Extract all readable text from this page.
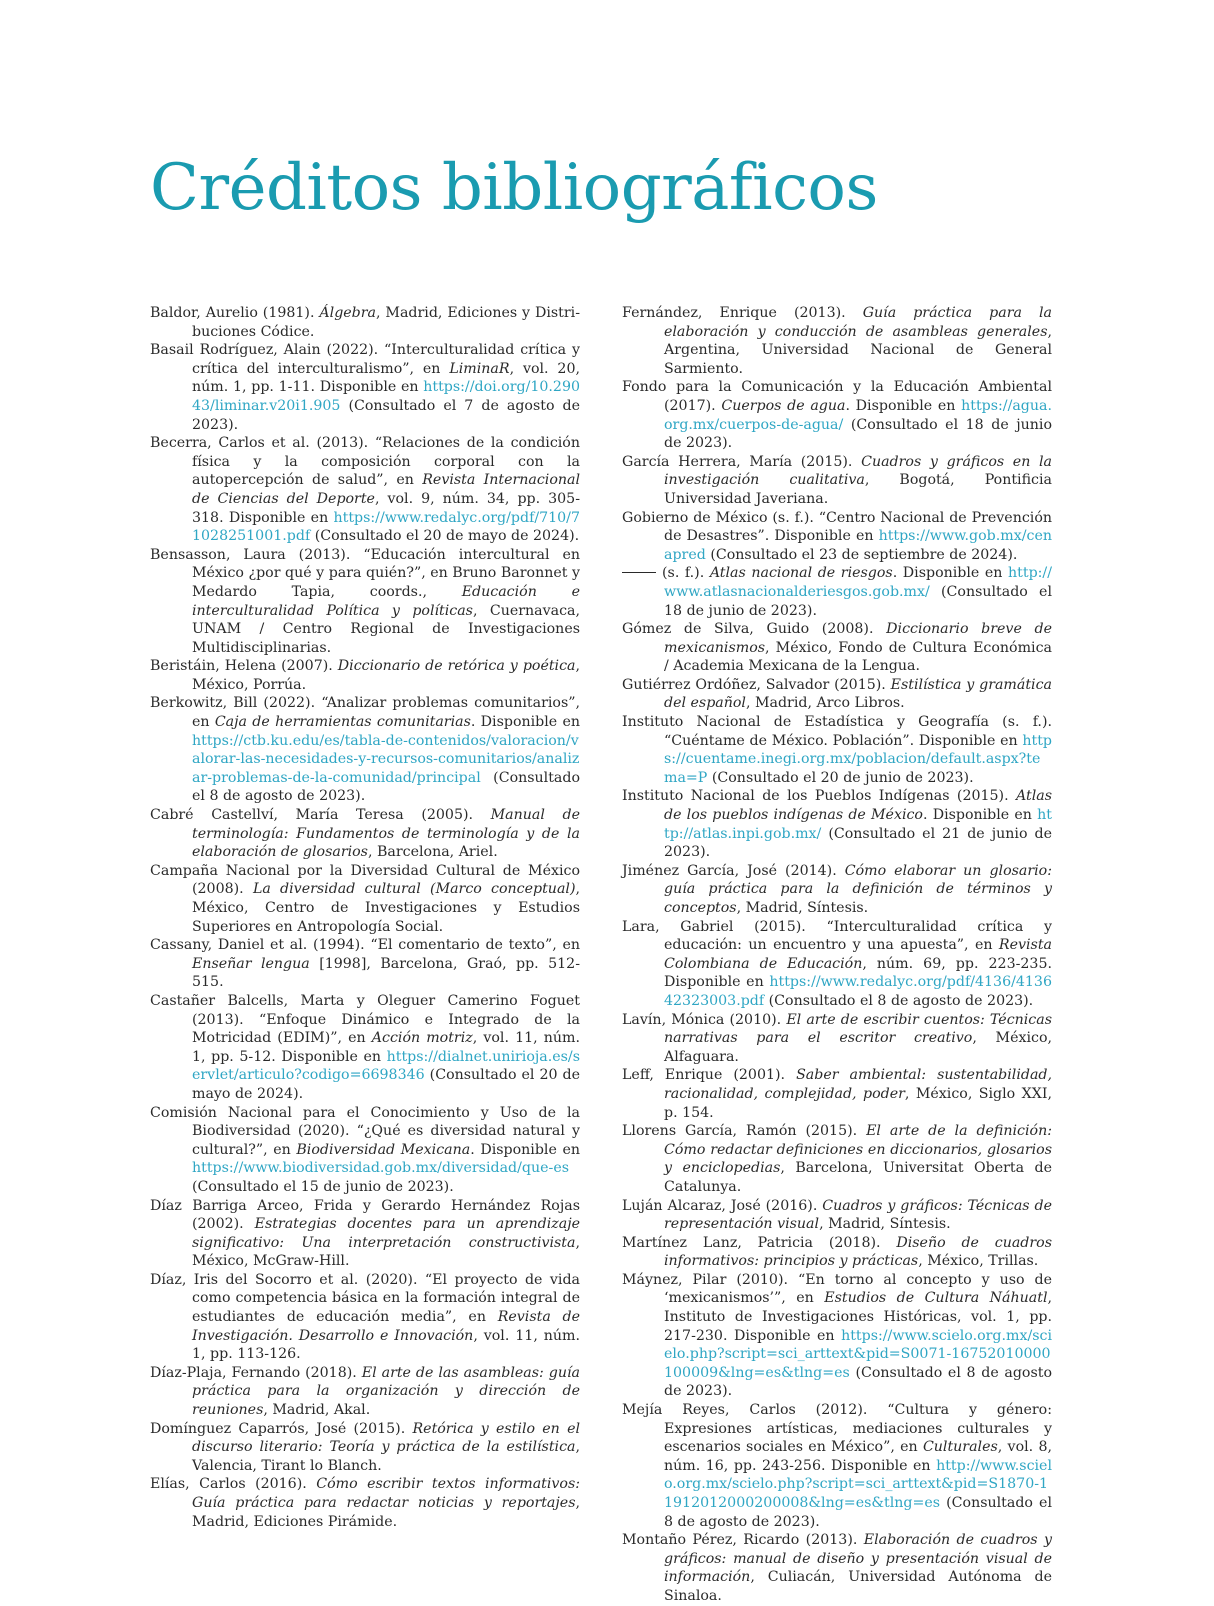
Créditos bibliográficos

Baldor, Aurelio (1981). Álgebra, Madrid, Ediciones y Distribuciones Códice.

Basail Rodríguez, Alain (2022). “Interculturalidad crítica y crítica del interculturalismo”, en LiminaR, vol. 20, núm. 1, pp. 1-11. Disponible en https://doi.org/10.29043/liminar.v20i1.905 (Consultado el 7 de agosto de 2023).

Becerra, Carlos et al. (2013). “Relaciones de la condición física y la composición corporal con la autopercepción de salud”, en Revista Internacional de Ciencias del Deporte, vol. 9, núm. 34, pp. 305-318. Disponible en https://www.redalyc.org/pdf/710/71028251001.pdf (Consultado el 20 de mayo de 2024).

Bensasson, Laura (2013). “Educación intercultural en México ¿por qué y para quién?”, en Bruno Baronnet y Medardo Tapia, coords., Educación e interculturalidad Política y políticas, Cuernavaca, UNAM / Centro Regional de Investigaciones Multidisciplinarias.

Beristáin, Helena (2007). Diccionario de retórica y poética, México, Porrúa.

Berkowitz, Bill (2022). “Analizar problemas comunitarios”, en Caja de herramientas comunitarias. Disponible en https://ctb.ku.edu/es/tabla-de-contenidos/valoracion/valorar-las-necesidades-y-recursos-comunitarios/analizar-problemas-de-la-comunidad/principal (Consultado el 8 de agosto de 2023).

Cabré Castellví, María Teresa (2005). Manual de terminología: Fundamentos de terminología y de la elaboración de glosarios, Barcelona, Ariel.

Campaña Nacional por la Diversidad Cultural de México (2008). La diversidad cultural (Marco conceptual), México, Centro de Investigaciones y Estudios Superiores en Antropología Social.

Cassany, Daniel et al. (1994). “El comentario de texto”, en Enseñar lengua [1998], Barcelona, Graó, pp. 512-515.

Castañer Balcells, Marta y Oleguer Camerino Foguet (2013). “Enfoque Dinámico e Integrado de la Motricidad (EDIM)”, en Acción motriz, vol. 11, núm. 1, pp. 5-12. Disponible en https://dialnet.unirioja.es/servlet/articulo?codigo=6698346 (Consultado el 20 de mayo de 2024).

Comisión Nacional para el Conocimiento y Uso de la Biodiversidad (2020). “¿Qué es diversidad natural y cultural?”, en Biodiversidad Mexicana. Disponible en https://www.biodiversidad.gob.mx/diversidad/que-es (Consultado el 15 de junio de 2023).

Díaz Barriga Arceo, Frida y Gerardo Hernández Rojas (2002). Estrategias docentes para un aprendizaje significativo: Una interpretación constructivista, México, McGraw-Hill.

Díaz, Iris del Socorro et al. (2020). “El proyecto de vida como competencia básica en la formación integral de estudiantes de educación media”, en Revista de Investigación. Desarrollo e Innovación, vol. 11, núm. 1, pp. 113-126.

Díaz-Plaja, Fernando (2018). El arte de las asambleas: guía práctica para la organización y dirección de reuniones, Madrid, Akal.

Domínguez Caparrós, José (2015). Retórica y estilo en el discurso literario: Teoría y práctica de la estilística, Valencia, Tirant lo Blanch.

Elías, Carlos (2016). Cómo escribir textos informativos: Guía práctica para redactar noticias y reportajes, Madrid, Ediciones Pirámide.

Fernández, Enrique (2013). Guía práctica para la elaboración y conducción de asambleas generales, Argentina, Universidad Nacional de General Sarmiento.

Fondo para la Comunicación y la Educación Ambiental (2017). Cuerpos de agua. Disponible en https://agua.org.mx/cuerpos-de-agua/ (Consultado el 18 de junio de 2023).

García Herrera, María (2015). Cuadros y gráficos en la investigación cualitativa, Bogotá, Pontificia Universidad Javeriana.

Gobierno de México (s. f.). “Centro Nacional de Prevención de Desastres”. Disponible en https://www.gob.mx/cenapred (Consultado el 23 de septiembre de 2024).

(s. f.). Atlas nacional de riesgos. Disponible en http://www.atlasnacionalderiesgos.gob.mx/ (Consultado el 18 de junio de 2023).

Gómez de Silva, Guido (2008). Diccionario breve de mexicanismos, México, Fondo de Cultura Económica / Academia Mexicana de la Lengua.

Gutiérrez Ordóñez, Salvador (2015). Estilística y gramática del español, Madrid, Arco Libros.

Instituto Nacional de Estadística y Geografía (s. f.). “Cuéntame de México. Población”. Disponible en https://cuentame.inegi.org.mx/poblacion/default.aspx?tema=P (Consultado el 20 de junio de 2023).

Instituto Nacional de los Pueblos Indígenas (2015). Atlas de los pueblos indígenas de México. Disponible en http://atlas.inpi.gob.mx/ (Consultado el 21 de junio de 2023).

Jiménez García, José (2014). Cómo elaborar un glosario: guía práctica para la definición de términos y conceptos, Madrid, Síntesis.

Lara, Gabriel (2015). “Interculturalidad crítica y educación: un encuentro y una apuesta”, en Revista Colombiana de Educación, núm. 69, pp. 223-235. Disponible en https://www.redalyc.org/pdf/4136/413642323003.pdf (Consultado el 8 de agosto de 2023).

Lavín, Mónica (2010). El arte de escribir cuentos: Técnicas narrativas para el escritor creativo, México, Alfaguara.

Leff, Enrique (2001). Saber ambiental: sustentabilidad, racionalidad, complejidad, poder, México, Siglo XXI, p. 154.

Llorens García, Ramón (2015). El arte de la definición: Cómo redactar definiciones en diccionarios, glosarios y enciclopedias, Barcelona, Universitat Oberta de Catalunya.

Luján Alcaraz, José (2016). Cuadros y gráficos: Técnicas de representación visual, Madrid, Síntesis.

Martínez Lanz, Patricia (2018). Diseño de cuadros informativos: principios y prácticas, México, Trillas.

Máynez, Pilar (2010). “En torno al concepto y uso de ‘mexicanismos’”, en Estudios de Cultura Náhuatl, Instituto de Investigaciones Históricas, vol. 1, pp. 217-230. Disponible en https://www.scielo.org.mx/scielo.php?script=sci_arttext&pid=S0071-16752010000100009&lng=es&tlng=es (Consultado el 8 de agosto de 2023).

Mejía Reyes, Carlos (2012). “Cultura y género: Expresiones artísticas, mediaciones culturales y escenarios sociales en México”, en Culturales, vol. 8, núm. 16, pp. 243-256. Disponible en http://www.scielo.org.mx/scielo.php?script=sci_arttext&pid=S1870-11912012000200008&lng=es&tlng=es (Consultado el 8 de agosto de 2023).

Montaño Pérez, Ricardo (2013). Elaboración de cuadros y gráficos: manual de diseño y presentación visual de información, Culiacán, Universidad Autónoma de Sinaloa.
